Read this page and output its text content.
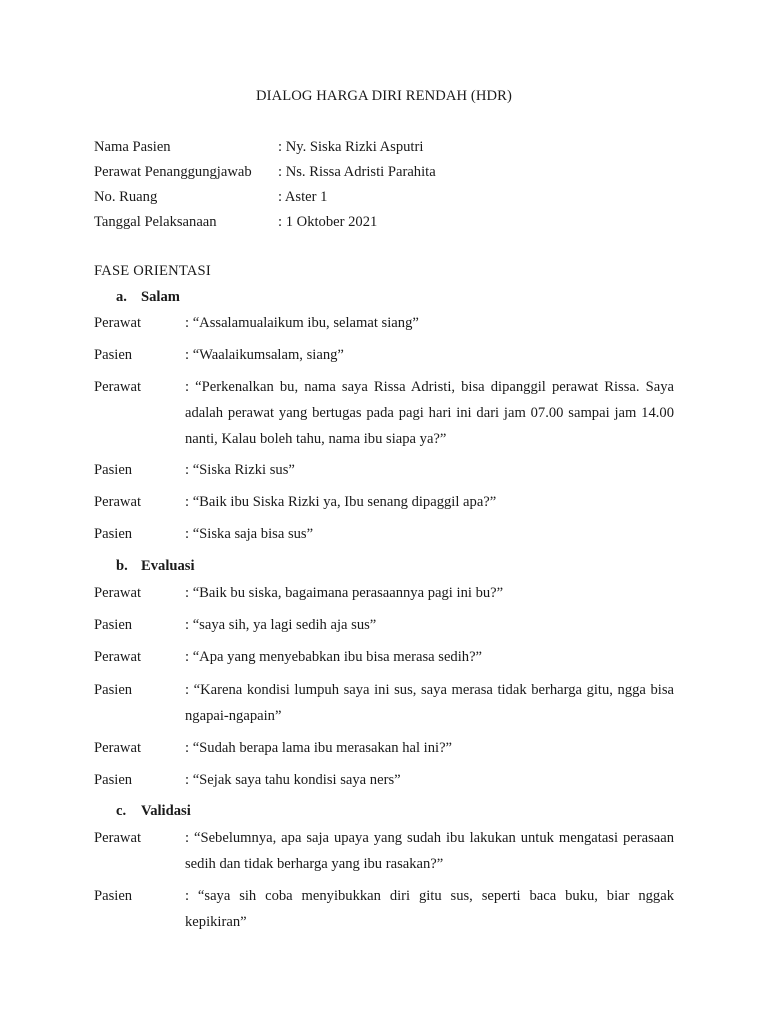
DIALOG HARGA DIRI RENDAH (HDR)
Nama Pasien	: Ny. Siska Rizki Asputri
Perawat Penanggungjawab : Ns. Rissa Adristi Parahita
No. Ruang	: Aster 1
Tanggal Pelaksanaan	: 1 Oktober 2021
FASE ORIENTASI
a. Salam
Perawat	: “Assalamualaikum ibu, selamat siang”
Pasien	: “Waalaikumsalam, siang”
Perawat	: “Perkenalkan bu, nama saya Rissa Adristi, bisa dipanggil perawat Rissa. Saya adalah perawat yang bertugas pada pagi hari ini dari jam 07.00 sampai jam 14.00 nanti, Kalau boleh tahu, nama ibu siapa ya?”
Pasien	: “Siska Rizki sus”
Perawat	: “Baik ibu Siska Rizki ya, Ibu senang dipaggil apa?”
Pasien	: “Siska saja bisa sus”
b. Evaluasi
Perawat	: “Baik bu siska, bagaimana perasaannya pagi ini bu?”
Pasien	: “saya sih, ya lagi sedih aja sus”
Perawat	: “Apa yang menyebabkan ibu bisa merasa sedih?”
Pasien	: “Karena kondisi lumpuh saya ini sus, saya merasa tidak berharga gitu, ngga bisa ngapai-ngapain”
Perawat	: “Sudah berapa lama ibu merasakan hal ini?”
Pasien	: “Sejak saya tahu kondisi saya ners”
c. Validasi
Perawat	: “Sebelumnya, apa saja upaya yang sudah ibu lakukan untuk mengatasi perasaan sedih dan tidak berharga yang ibu rasakan?”
Pasien	: “saya sih coba menyibukkan diri gitu sus, seperti baca buku, biar nggak kepikiran”
